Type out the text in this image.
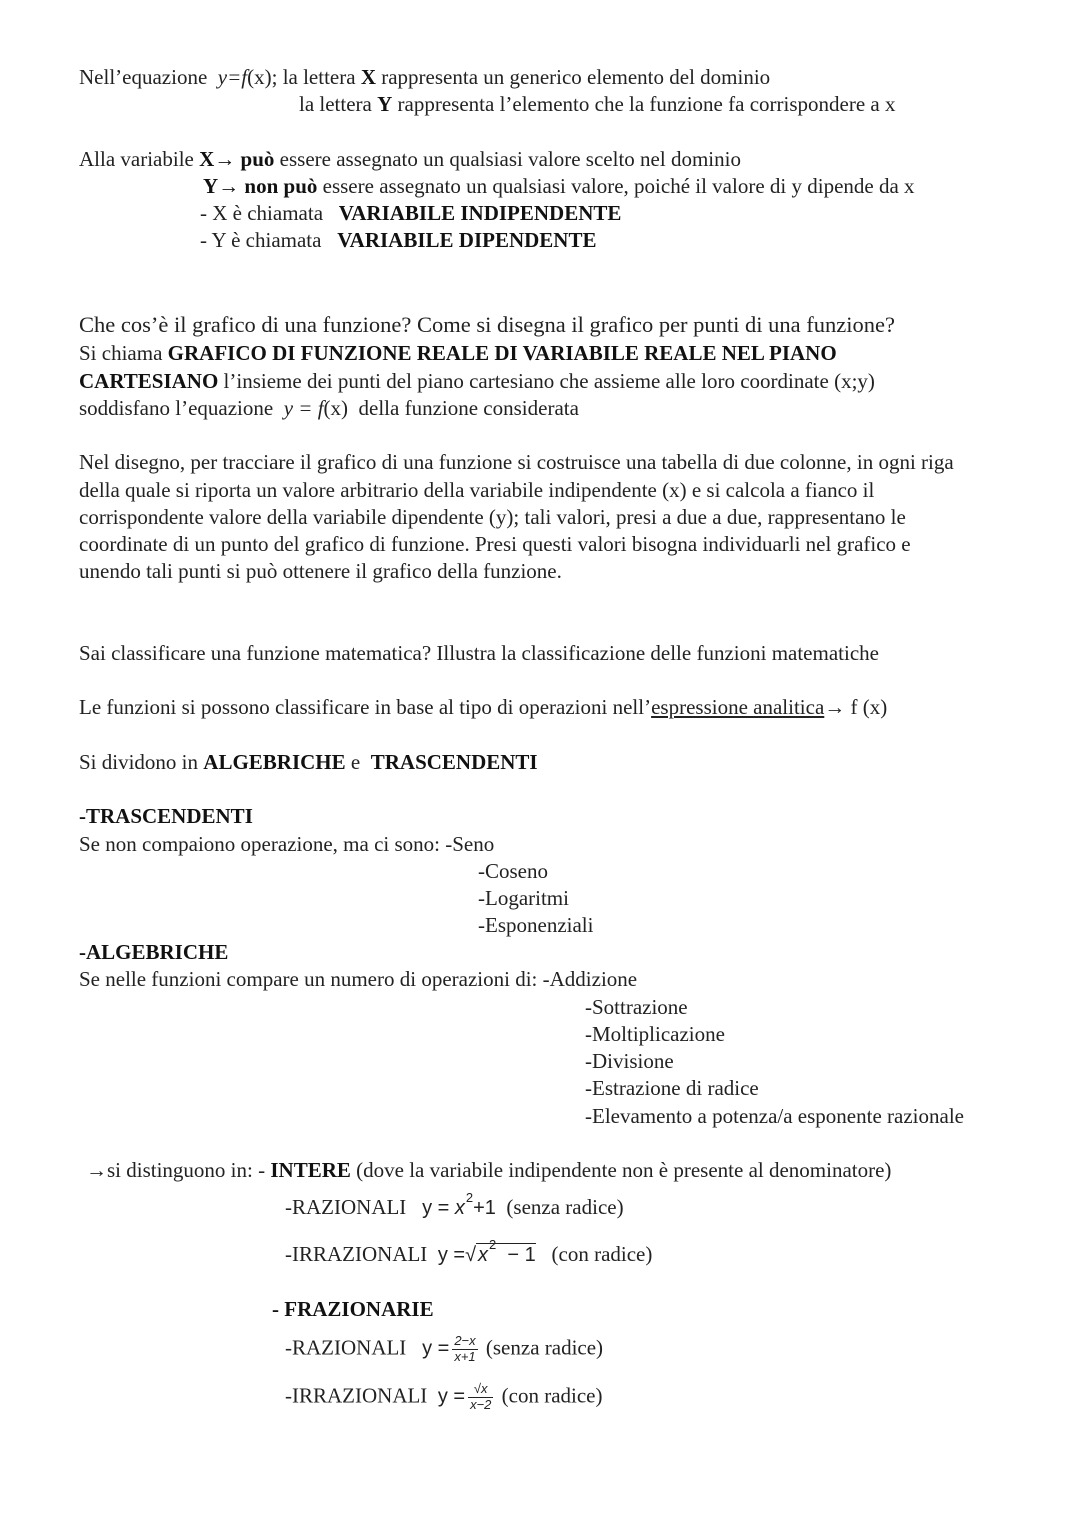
Nell’equazione y=f(x); la lettera X rappresenta un generico elemento del dominio
la lettera Y rappresenta l’elemento che la funzione fa corrispondere a x
Alla variabile X→ può essere assegnato un qualsiasi valore scelto nel dominio
Y→ non può essere assegnato un qualsiasi valore, poiché il valore di y dipende da x
- X è chiamata VARIABILE INDIPENDENTE
- Y è chiamata VARIABILE DIPENDENTE
Che cos’è il grafico di una funzione? Come si disegna il grafico per punti di una funzione?
Si chiama GRAFICO DI FUNZIONE REALE DI VARIABILE REALE NEL PIANO
CARTESIANO l’insieme dei punti del piano cartesiano che assieme alle loro coordinate (x;y)
soddisfano l’equazione y = f(x) della funzione considerata
Nel disegno, per tracciare il grafico di una funzione si costruisce una tabella di due colonne, in ogni riga
della quale si riporta un valore arbitrario della variabile indipendente (x) e si calcola a fianco il
corrispondente valore della variabile dipendente (y); tali valori, presi a due a due, rappresentano le
coordinate di un punto del grafico di funzione. Presi questi valori bisogna individuarli nel grafico e
unendo tali punti si può ottenere il grafico della funzione.
Sai classificare una funzione matematica? Illustra la classificazione delle funzioni matematiche
Le funzioni si possono classificare in base al tipo di operazioni nell’espressione analitica→ f (x)
Si dividono in ALGEBRICHE e TRASCENDENTI
-TRASCENDENTI
Se non compaiono operazione, ma ci sono: -Seno
-Coseno
-Logaritmi
-Esponenziali
-ALGEBRICHE
Se nelle funzioni compare un numero di operazioni di: -Addizione
-Sottrazione
-Moltiplicazione
-Divisione
-Estrazione di radice
-Elevamento a potenza/a esponente razionale
→si distinguono in: - INTERE (dove la variabile indipendente non è presente al denominatore)
-RAZIONALI $y = x^2+1$ (senza radice)
-IRRAZIONALI y =√ $x^2 - 1$ (con radice)
- FRAZIONARIE
-RAZIONALI $y = \frac{2-x}{x+1}$ (senza radice)
-IRRAZIONALI $y = \frac{√x}{x-2} (con$ radice)
